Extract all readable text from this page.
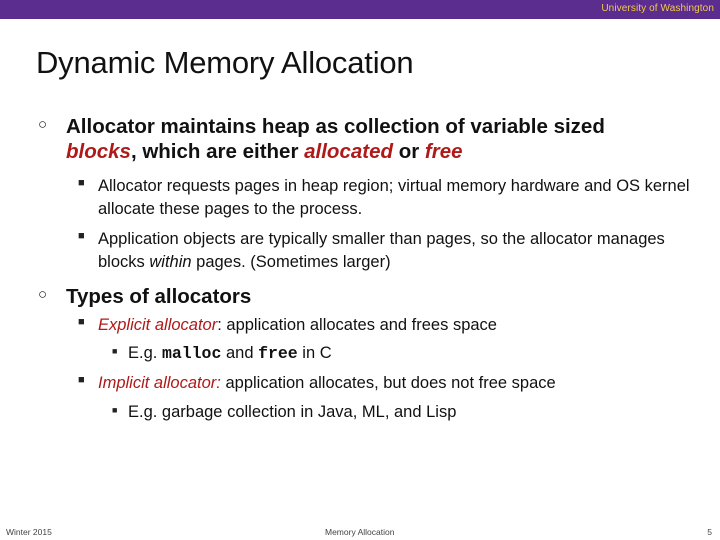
University of Washington
Dynamic Memory Allocation
○ Allocator maintains heap as collection of variable sized
blocks, which are either allocated or free
■ Allocator requests pages in heap region; virtual memory hardware and OS kernel allocate these pages to the process.
■ Application objects are typically smaller than pages, so the allocator manages blocks within pages. (Sometimes larger)
○ Types of allocators
■ Explicit allocator: application allocates and frees space
■ E.g. malloc and free in C
■ Implicit allocator: application allocates, but does not free space
■ E.g. garbage collection in Java, ML, and Lisp
Winter 2015	Memory Allocation	5
